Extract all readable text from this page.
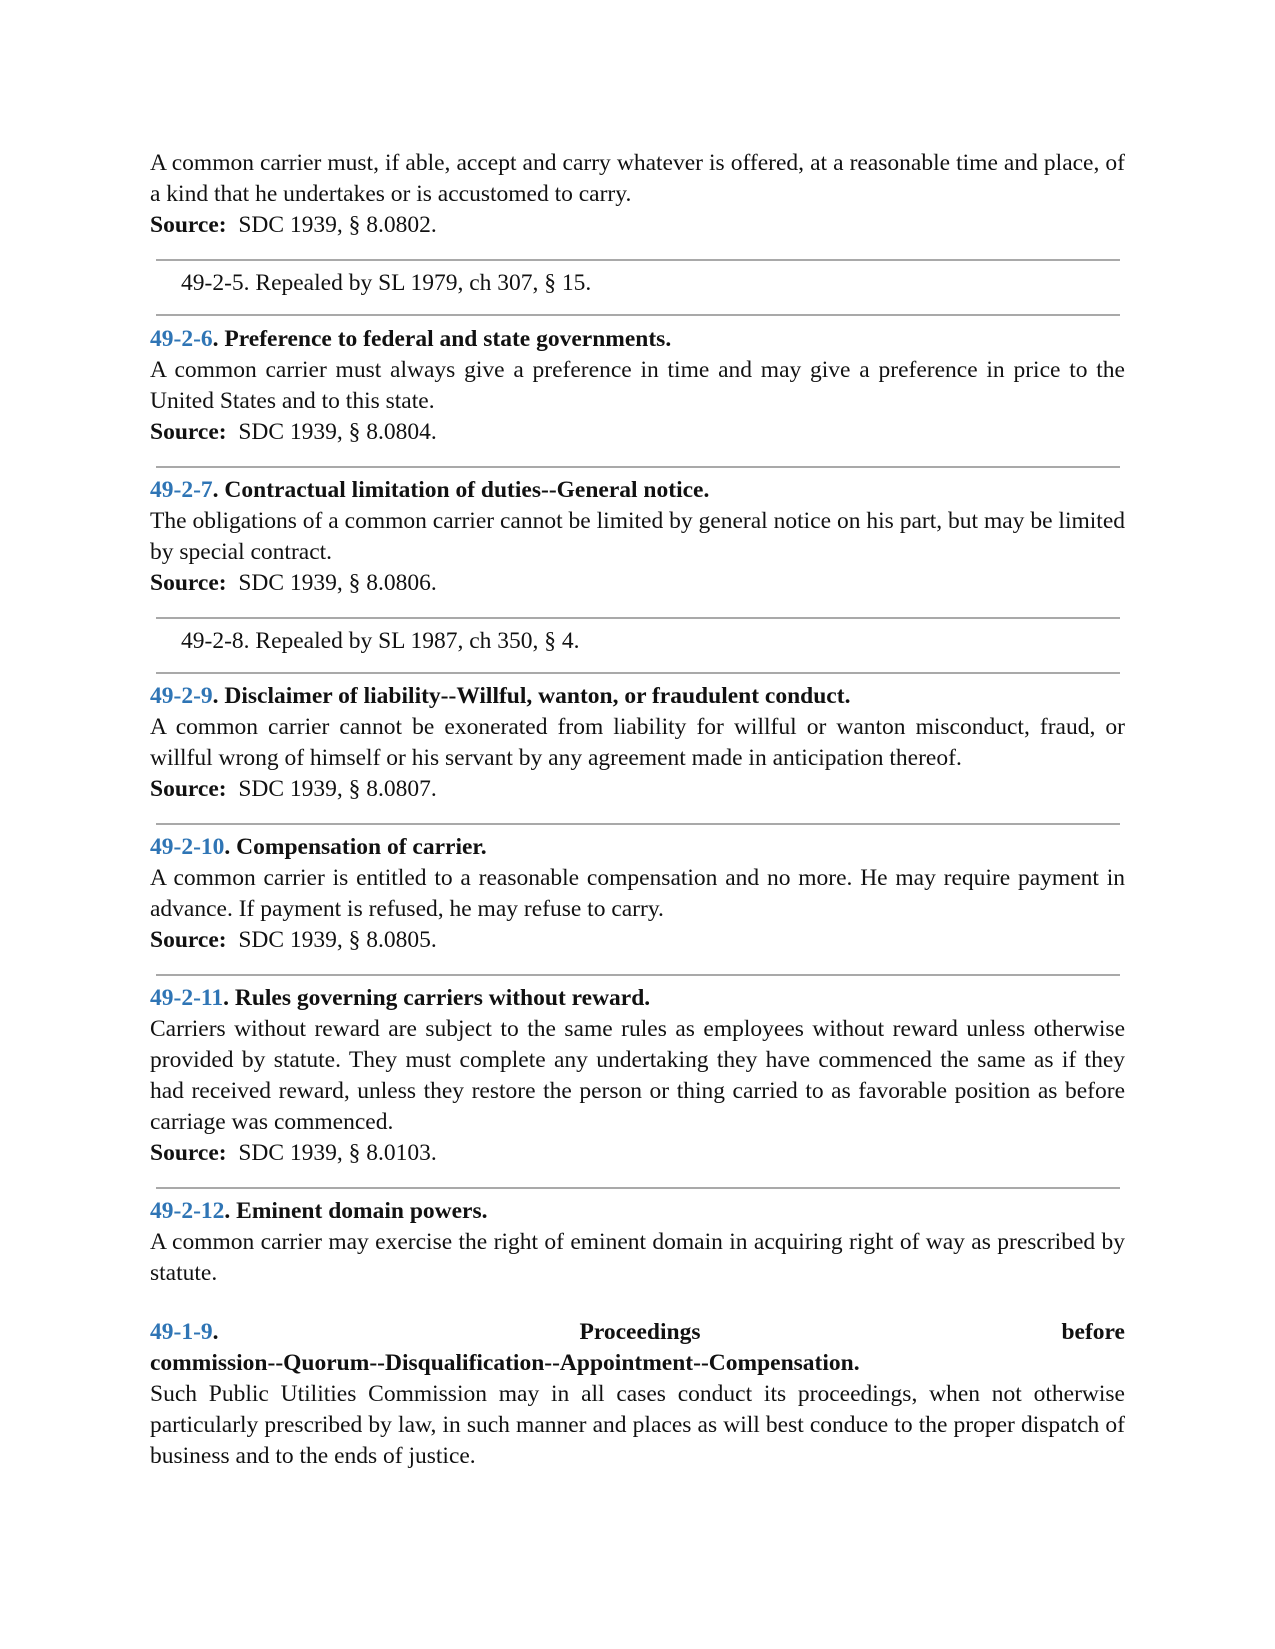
A common carrier must, if able, accept and carry whatever is offered, at a reasonable time and place, of a kind that he undertakes or is accustomed to carry.

Source: SDC 1939, § 8.0802.

49-2-5. Repealed by SL 1979, ch 307, § 15.

49-2-6. Preference to federal and state governments.

A common carrier must always give a preference in time and may give a preference in price to the United States and to this state.

Source: SDC 1939, § 8.0804.

49-2-7. Contractual limitation of duties--General notice.

The obligations of a common carrier cannot be limited by general notice on his part, but may be limited by special contract.

Source: SDC 1939, § 8.0806.

49-2-8. Repealed by SL 1987, ch 350, § 4.

49-2-9. Disclaimer of liability--Willful, wanton, or fraudulent conduct.

A common carrier cannot be exonerated from liability for willful or wanton misconduct, fraud, or willful wrong of himself or his servant by any agreement made in anticipation thereof.

Source: SDC 1939, § 8.0807.

49-2-10. Compensation of carrier.

A common carrier is entitled to a reasonable compensation and no more. He may require payment in advance. If payment is refused, he may refuse to carry.

Source: SDC 1939, § 8.0805.

49-2-11. Rules governing carriers without reward.

Carriers without reward are subject to the same rules as employees without reward unless otherwise provided by statute. They must complete any undertaking they have commenced the same as if they had received reward, unless they restore the person or thing carried to as favorable position as before carriage was commenced.

Source: SDC 1939, § 8.0103.

49-2-12. Eminent domain powers.

A common carrier may exercise the right of eminent domain in acquiring right of way as prescribed by statute.

49-1-9.	Proceedings	before

commission--Quorum--Disqualification--Appointment--Compensation.

Such Public Utilities Commission may in all cases conduct its proceedings, when not otherwise particularly prescribed by law, in such manner and places as will best conduce to the proper dispatch of business and to the ends of justice.
